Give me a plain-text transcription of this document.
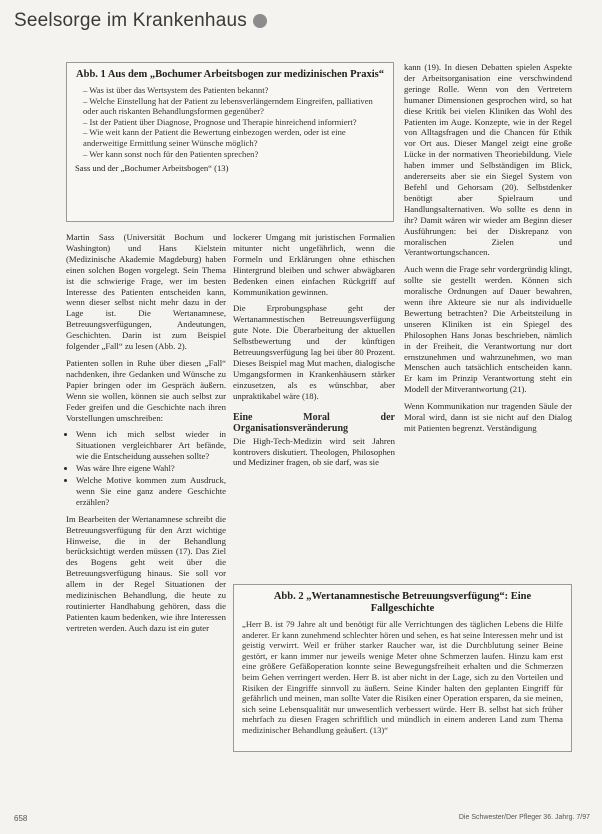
Seelsorge im Krankenhaus
Abb. 1 Aus dem „Bochumer Arbeitsbogen zur medizinischen Praxis“
– Was ist über das Wertsystem des Patienten bekannt?
– Welche Einstellung hat der Patient zu lebensverlängerndem Eingreifen, palliativen oder auch riskanten Behandlungsformen gegenüber?
– Ist der Patient über Diagnose, Prognose und Therapie hinreichend informiert?
– Wie weit kann der Patient die Bewertung einbezogen werden, oder ist eine anderweitige Ermittlung seiner Wünsche möglich?
– Wer kann sonst noch für den Patienten sprechen?
Sass und der „Bochumer Arbeitsbogen“ (13)

Martin Sass (Universität Bochum und Washington) und Hans Kielstein (Medizinische Akademie Magdeburg) haben einen solchen Bogen vorgelegt. Sein Thema ist die schwierige Frage, wer im besten Interesse des Patienten entscheiden kann, wenn dieser selbst nicht mehr dazu in der Lage ist. Die Wertanamnese, Betreuungsverfügungen, Andeutungen, Geschichten. Darin ist zum Beispiel folgender „Fall“ zu lesen (Abb. 2).

Patienten sollen in Ruhe über diesen „Fall“ nachdenken, ihre Gedanken und Wünsche zu Papier bringen oder im Gespräch äußern. Wenn sie wollen, können sie auch selbst zur Feder greifen und die Geschichte nach ihren Vorstellungen umschreiben:

• Wenn ich mich selbst wieder in Situationen vergleichbarer Art befände, wie die Entscheidung aussehen sollte?
• Was wäre Ihre eigene Wahl?
• Welche Motive kommen zum Ausdruck, wenn Sie eine ganz andere Geschichte erzählen?

Im Bearbeiten der Wertanamnese schreibt die Betreuungsverfügung für den Arzt wichtige Hinweise, die in der Behandlung berücksichtigt werden müssen (17). Das Ziel des Bogens geht weit über die Betreuungsverfügung hinaus. Sie soll vor allem in der Regel Situationen der medizinischen Behandlung, die heute zu routinierter Handhabung gehören, dass die Patienten kaum bedenken, wie ihre Interessen vertreten werden. Auch dazu ist ein guter

lockerer Umgang mit juristischen Formalien mitunter nicht ungefährlich, wenn die Formeln und Erklärungen ohne ethischen Hintergrund bleiben und schwer abwägbaren Bedenken einen einfachen Rückgriff auf Kommunikation gewinnen.

Die Erprobungsphase geht der Wertanamnestischen Betreuungsverfügung gute Note. Die Überarbeitung der aktuellen Selbstbewertung und der künftigen Betreuungsverfügung lag bei über 80 Prozent. Dieses Beispiel mag Mut machen, dialogische Umgangsformen in Krankenhäusern stärker einzusetzen, als es wünschbar, aber unpraktikabel wäre (18).

Eine Moral der Organisationsveränderung

Die High-Tech-Medizin wird seit Jahren kontrovers diskutiert. Theologen, Philosophen und Mediziner fragen, ob sie darf, was sie

kann (19). In diesen Debatten spielen Aspekte der Arbeitsorganisation eine verschwindend geringe Rolle. Wenn von den Vertretern humaner Dimensionen gesprochen wird, so hat diese Kritik bei vielen Kliniken das Wohl des Patienten im Auge. Konzepte, wie in der Regel von Alltagsfragen und die Chancen für Ethik vor Ort aus. Dieser Mangel zeigt eine große Lücke in der normativen Theoriebildung. Viele haben immer und Selbständigen im Blick, andererseits aber sie ein Siegel System von Befehl und Gehorsam (20). Selbstdenker benötigt aber Spielraum und Handlungsalternativen. Wo sollte es denn in ihr? Damit wären wir wieder am Beginn dieser Ausführungen: bei der Diskrepanz von moralischen Zielen und Verantwortungschancen.

Auch wenn die Frage sehr vordergründig klingt, sollte sie gestellt werden. Können sich moralische Ordnungen auf Dauer bewahren, wenn ihre Akteure sie nur als individuelle Bewertung betrachten? Die Arbeitsteilung in unseren Kliniken ist ein Spiegel des Philosophen Hans Jonas beschrieben, nämlich in der Freiheit, die Verantwortung nur dort ernstzunehmen und wahrzunehmen, wo man Menschen auch tatsächlich entscheiden kann. Er kam im Prinzip Verantwortung steht ein Modell der Mitverantwortung (21).

Wenn Kommunikation nur tragenden Säule der Moral wird, dann ist sie nicht auf den Dialog mit Patienten begrenzt. Verständigung

Abb. 2 „Wertanamnestische Betreuungsverfügung“: Eine Fallgeschichte

„Herr B. ist 79 Jahre alt und benötigt für alle Verrichtungen des täglichen Lebens die Hilfe anderer. Er kann zunehmend schlechter hören und sehen, es hat seine Interessen mehr und ist geistig verwirrt. Weil er früher starker Raucher war, ist die Durchblutung seiner Beine gestört, er kann immer nur jeweils wenige Meter ohne Schmerzen laufen. Hinzu kam erst eine größere Gefäßoperation konnte seine Bewegungsfreiheit erhalten und die Schmerzen beim Gehen verringert werden. Herr B. ist aber nicht in der Lage, sich zu den Vorteilen und Risiken der Eingriffe sinnvoll zu äußern. Seine Kinder halten den geplanten Eingriff für gefährlich und meinen, man sollte Vater die Risiken einer Operation ersparen, da sie meinen, sich seine Lebensqualität nur unwesentlich verbessert würde. Herr B. selbst hat sich früher mehrfach zu diesen Fragen schriftlich und mündlich in einem anderen Land zum Thema medizinischer Behandlung geäußert. (13)“

658	Die Schwester/Der Pfleger 36. Jahrg. 7/97
